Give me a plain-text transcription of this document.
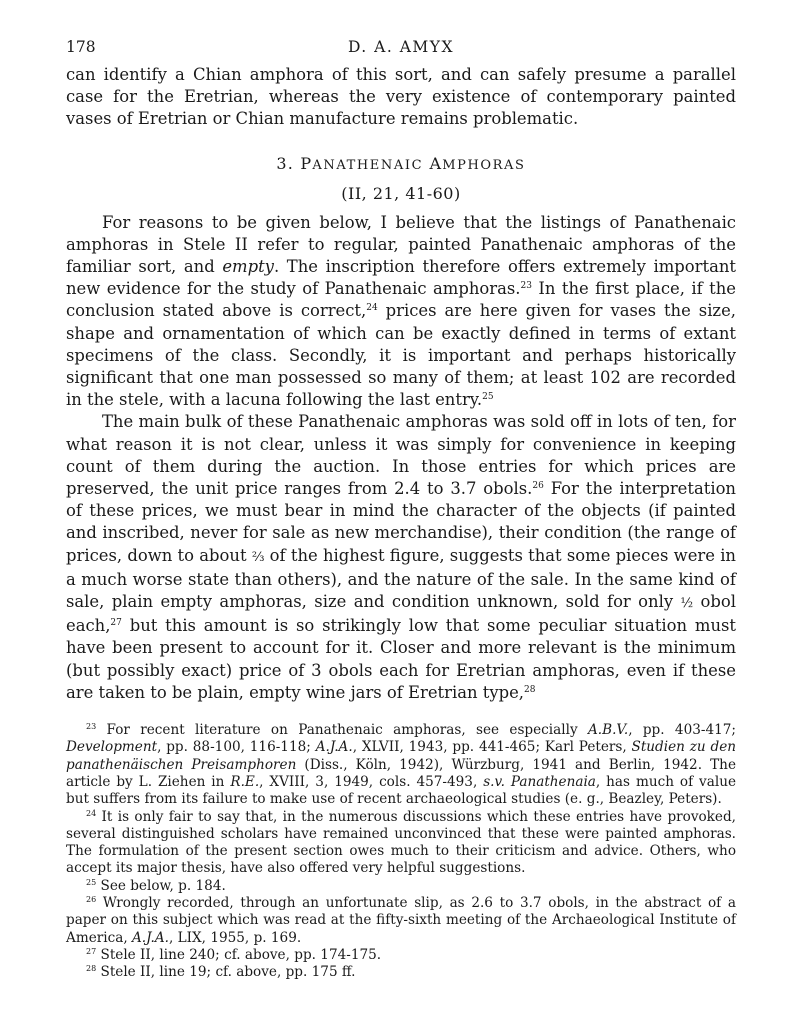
178	D. A. AMYX

can identify a Chian amphora of this sort, and can safely presume a parallel case for the Eretrian, whereas the very existence of contemporary painted vases of Eretrian or Chian manufacture remains problematic.

3. PANATHENAIC AMPHORAS
(II, 21, 41-60)

For reasons to be given below, I believe that the listings of Panathenaic amphoras in Stele II refer to regular, painted Panathenaic amphoras of the familiar sort, and empty. The inscription therefore offers extremely important new evidence for the study of Panathenaic amphoras.$^{23}$ In the first place, if the conclusion stated above is correct,$^{24}$ prices are here given for vases the size, shape and ornamentation of which can be exactly defined in terms of extant specimens of the class. Secondly, it is important and perhaps historically significant that one man possessed so many of them; at least 102 are recorded in the stele, with a lacuna following the last entry.$^{25}$

The main bulk of these Panathenaic amphoras was sold off in lots of ten, for what reason it is not clear, unless it was simply for convenience in keeping count of them during the auction. In those entries for which prices are preserved, the unit price ranges from 2.4 to 3.7 obols.$^{26}$ For the interpretation of these prices, we must bear in mind the character of the objects (if painted and inscribed, never for sale as new merchandise), their condition (the range of prices, down to about ⅔ of the highest figure, suggests that some pieces were in a much worse state than others), and the nature of the sale. In the same kind of sale, plain empty amphoras, size and condition unknown, sold for only ½ obol each,$^{27}$ but this amount is so strikingly low that some peculiar situation must have been present to account for it. Closer and more relevant is the minimum (but possibly exact) price of 3 obols each for Eretrian amphoras, even if these are taken to be plain, empty wine jars of Eretrian type,$^{28}$

$^{23}$ For recent literature on Panathenaic amphoras, see especially A.B.V., pp. 403-417; Development, pp. 88-100, 116-118; A.J.A., XLVII, 1943, pp. 441-465; Karl Peters, Studien zu den panathenäischen Preisamphoren (Diss., Köln, 1942), Würzburg, 1941 and Berlin, 1942. The article by L. Ziehen in R.E., XVIII, 3, 1949, cols. 457-493, s.v. Panathenaia, has much of value but suffers from its failure to make use of recent archaeological studies (e. g., Beazley, Peters).

$^{24}$ It is only fair to say that, in the numerous discussions which these entries have provoked, several distinguished scholars have remained unconvinced that these were painted amphoras. The formulation of the present section owes much to their criticism and advice. Others, who accept its major thesis, have also offered very helpful suggestions.

$^{25}$ See below, p. 184.

$^{26}$ Wrongly recorded, through an unfortunate slip, as 2.6 to 3.7 obols, in the abstract of a paper on this subject which was read at the fifty-sixth meeting of the Archaeological Institute of America, A.J.A., LIX, 1955, p. 169.

$^{27}$ Stele II, line 240; cf. above, pp. 174-175.

$^{28}$ Stele II, line 19; cf. above, pp. 175 ff.
